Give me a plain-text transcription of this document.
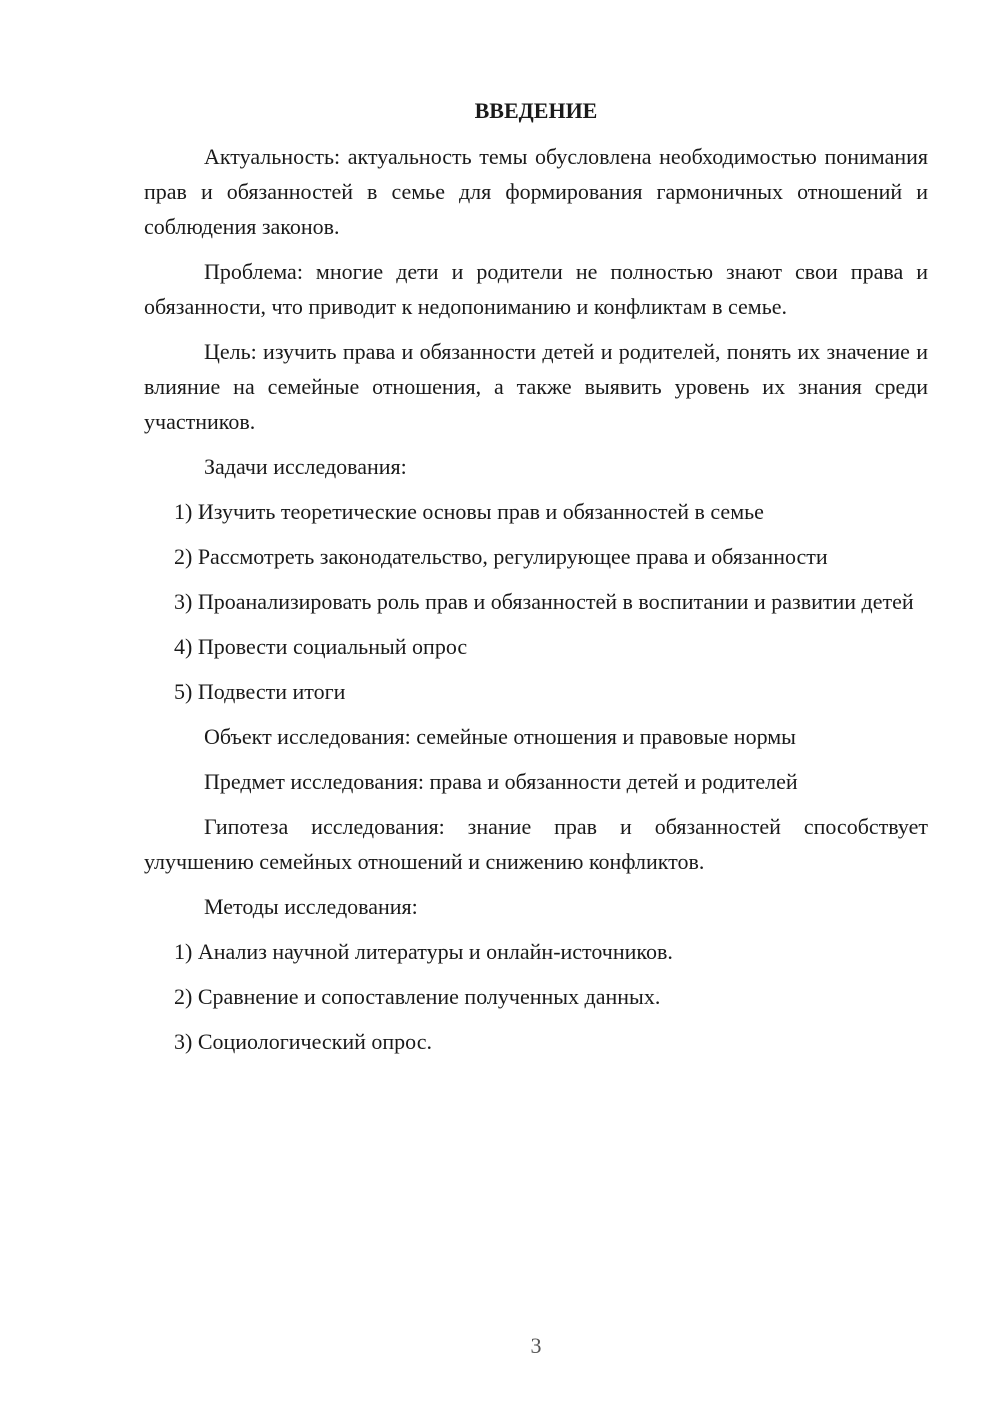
ВВЕДЕНИЕ

Актуальность: актуальность темы обусловлена необходимостью понимания прав и обязанностей в семье для формирования гармоничных отношений и соблюдения законов.

Проблема: многие дети и родители не полностью знают свои права и обязанности, что приводит к недопониманию и конфликтам в семье.

Цель: изучить права и обязанности детей и родителей, понять их значение и влияние на семейные отношения, а также выявить уровень их знания среди участников.

Задачи исследования:

1) Изучить теоретические основы прав и обязанностей в семье

2) Рассмотреть законодательство, регулирующее права и обязанности

3) Проанализировать роль прав и обязанностей в воспитании и развитии детей

4) Провести социальный опрос

5) Подвести итоги

Объект исследования: семейные отношения и правовые нормы

Предмет исследования: права и обязанности детей и родителей

Гипотеза исследования: знание прав и обязанностей способствует улучшению семейных отношений и снижению конфликтов.

Методы исследования:

1) Анализ научной литературы и онлайн-источников.

2) Сравнение и сопоставление полученных данных.

3) Социологический опрос.

3
